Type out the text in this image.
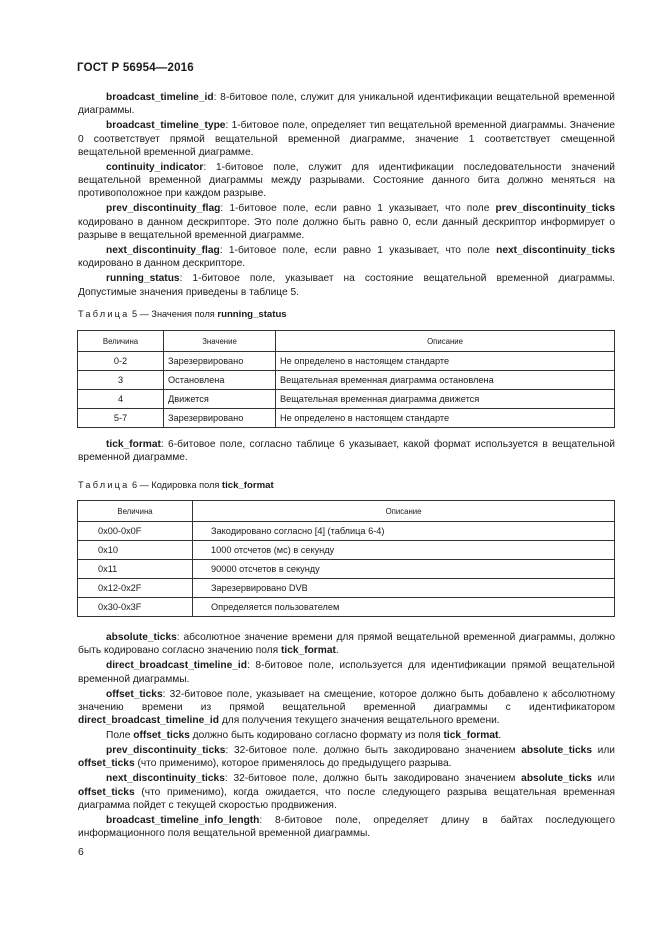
ГОСТ Р 56954—2016

broadcast_timeline_id: 8-битовое поле, служит для уникальной идентификации вещательной временной диаграммы.

broadcast_timeline_type: 1-битовое поле, определяет тип вещательной временной диаграммы. Значение 0 соответствует прямой вещательной временной диаграмме, значение 1 соответствует смещенной вещательной временной диаграмме.

continuity_indicator: 1-битовое поле, служит для идентификации последовательности значений вещательной временной диаграммы между разрывами. Состояние данного бита должно меняться на противоположное при каждом разрыве.

prev_discontinuity_flag: 1-битовое поле, если равно 1 указывает, что поле prev_discontinuity_ticks кодировано в данном дескрипторе. Это поле должно быть равно 0, если данный дескриптор информирует о разрыве в вещательной временной диаграмме.

next_discontinuity_flag: 1-битовое поле, если равно 1 указывает, что поле next_discontinuity_ticks кодировано в данном дескрипторе.

running_status: 1-битовое поле, указывает на состояние вещательной временной диаграммы. Допустимые значения приведены в таблице 5.

Таблица 5 — Значения поля running_status
Величина	Значение	Описание
0-2	Зарезервировано	Не определено в настоящем стандарте
3	Остановлена	Вещательная временная диаграмма остановлена
4	Движется	Вещательная временная диаграмма движется
5-7	Зарезервировано	Не определено в настоящем стандарте

tick_format: 6-битовое поле, согласно таблице 6 указывает, какой формат используется в вещательной временной диаграмме.

Таблица 6 — Кодировка поля tick_format
Величина	Описание
0x00-0x0F	Закодировано согласно [4] (таблица 6-4)
0x10	1000 отсчетов (мс) в секунду
0x11	90000 отсчетов в секунду
0x12-0x2F	Зарезервировано DVB
0x30-0x3F	Определяется пользователем

absolute_ticks: абсолютное значение времени для прямой вещательной временной диаграммы, должно быть кодировано согласно значению поля tick_format.

direct_broadcast_timeline_id: 8-битовое поле, используется для идентификации прямой вещательной временной диаграммы.

offset_ticks: 32-битовое поле, указывает на смещение, которое должно быть добавлено к абсолютному значению времени из прямой вещательной временной диаграммы с идентификатором direct_broadcast_timeline_id для получения текущего значения вещательного времени.

Поле offset_ticks должно быть кодировано согласно формату из поля tick_format.

prev_discontinuity_ticks: 32-битовое поле. должно быть закодировано значением absolute_ticks или offset_ticks (что применимо), которое применялось до предыдущего разрыва.

next_discontinuity_ticks: 32-битовое поле, должно быть закодировано значением absolute_ticks или offset_ticks (что применимо), когда ожидается, что после следующего разрыва вещательная временная диаграмма пойдет с текущей скоростью продвижения.

broadcast_timeline_info_length: 8-битовое поле, определяет длину в байтах последующего информационного поля вещательной временной диаграммы.

6
